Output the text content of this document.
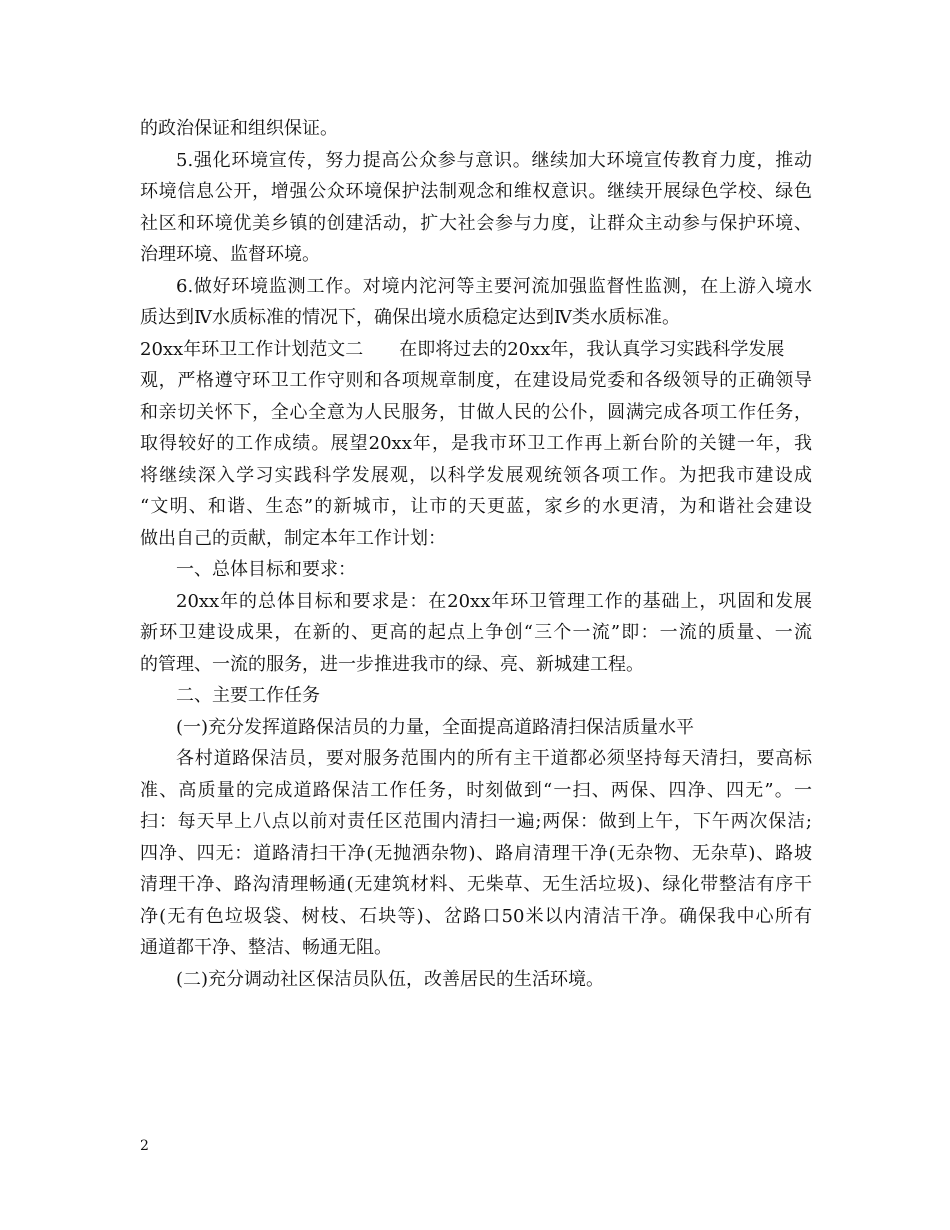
的政治保证和组织保证。
5.强化环境宣传，努力提高公众参与意识。继续加大环境宣传教育力度，推动
环境信息公开，增强公众环境保护法制观念和维权意识。继续开展绿色学校、绿色
社区和环境优美乡镇的创建活动，扩大社会参与力度，让群众主动参与保护环境、
治理环境、监督环境。
6.做好环境监测工作。对境内沱河等主要河流加强监督性监测，在上游入境水
质达到Ⅳ水质标准的情况下，确保出境水质稳定达到Ⅳ类水质标准。
20xx年环卫工作计划范文二 在即将过去的20xx年，我认真学习实践科学发展
观，严格遵守环卫工作守则和各项规章制度，在建设局党委和各级领导的正确领导
和亲切关怀下，全心全意为人民服务，甘做人民的公仆，圆满完成各项工作任务，
取得较好的工作成绩。展望20xx年，是我市环卫工作再上新台阶的关键一年，我
将继续深入学习实践科学发展观，以科学发展观统领各项工作。为把我市建设成
“文明、和谐、生态”的新城市，让市的天更蓝，家乡的水更清，为和谐社会建设
做出自己的贡献，制定本年工作计划：
一、总体目标和要求：
20xx年的总体目标和要求是：在20xx年环卫管理工作的基础上，巩固和发展
新环卫建设成果，在新的、更高的起点上争创“三个一流”即：一流的质量、一流
的管理、一流的服务，进一步推进我市的绿、亮、新城建工程。
二、主要工作任务
(一)充分发挥道路保洁员的力量，全面提高道路清扫保洁质量水平
各村道路保洁员，要对服务范围内的所有主干道都必须坚持每天清扫，要高标
准、高质量的完成道路保洁工作任务，时刻做到“一扫、两保、四净、四无”。一
扫：每天早上八点以前对责任区范围内清扫一遍;两保：做到上午，下午两次保洁;
四净、四无：道路清扫干净(无抛洒杂物)、路肩清理干净(无杂物、无杂草)、路坡
清理干净、路沟清理畅通(无建筑材料、无柴草、无生活垃圾)、绿化带整洁有序干
净(无有色垃圾袋、树枝、石块等)、岔路口50米以内清洁干净。确保我中心所有
通道都干净、整洁、畅通无阻。
(二)充分调动社区保洁员队伍，改善居民的生活环境。
2
